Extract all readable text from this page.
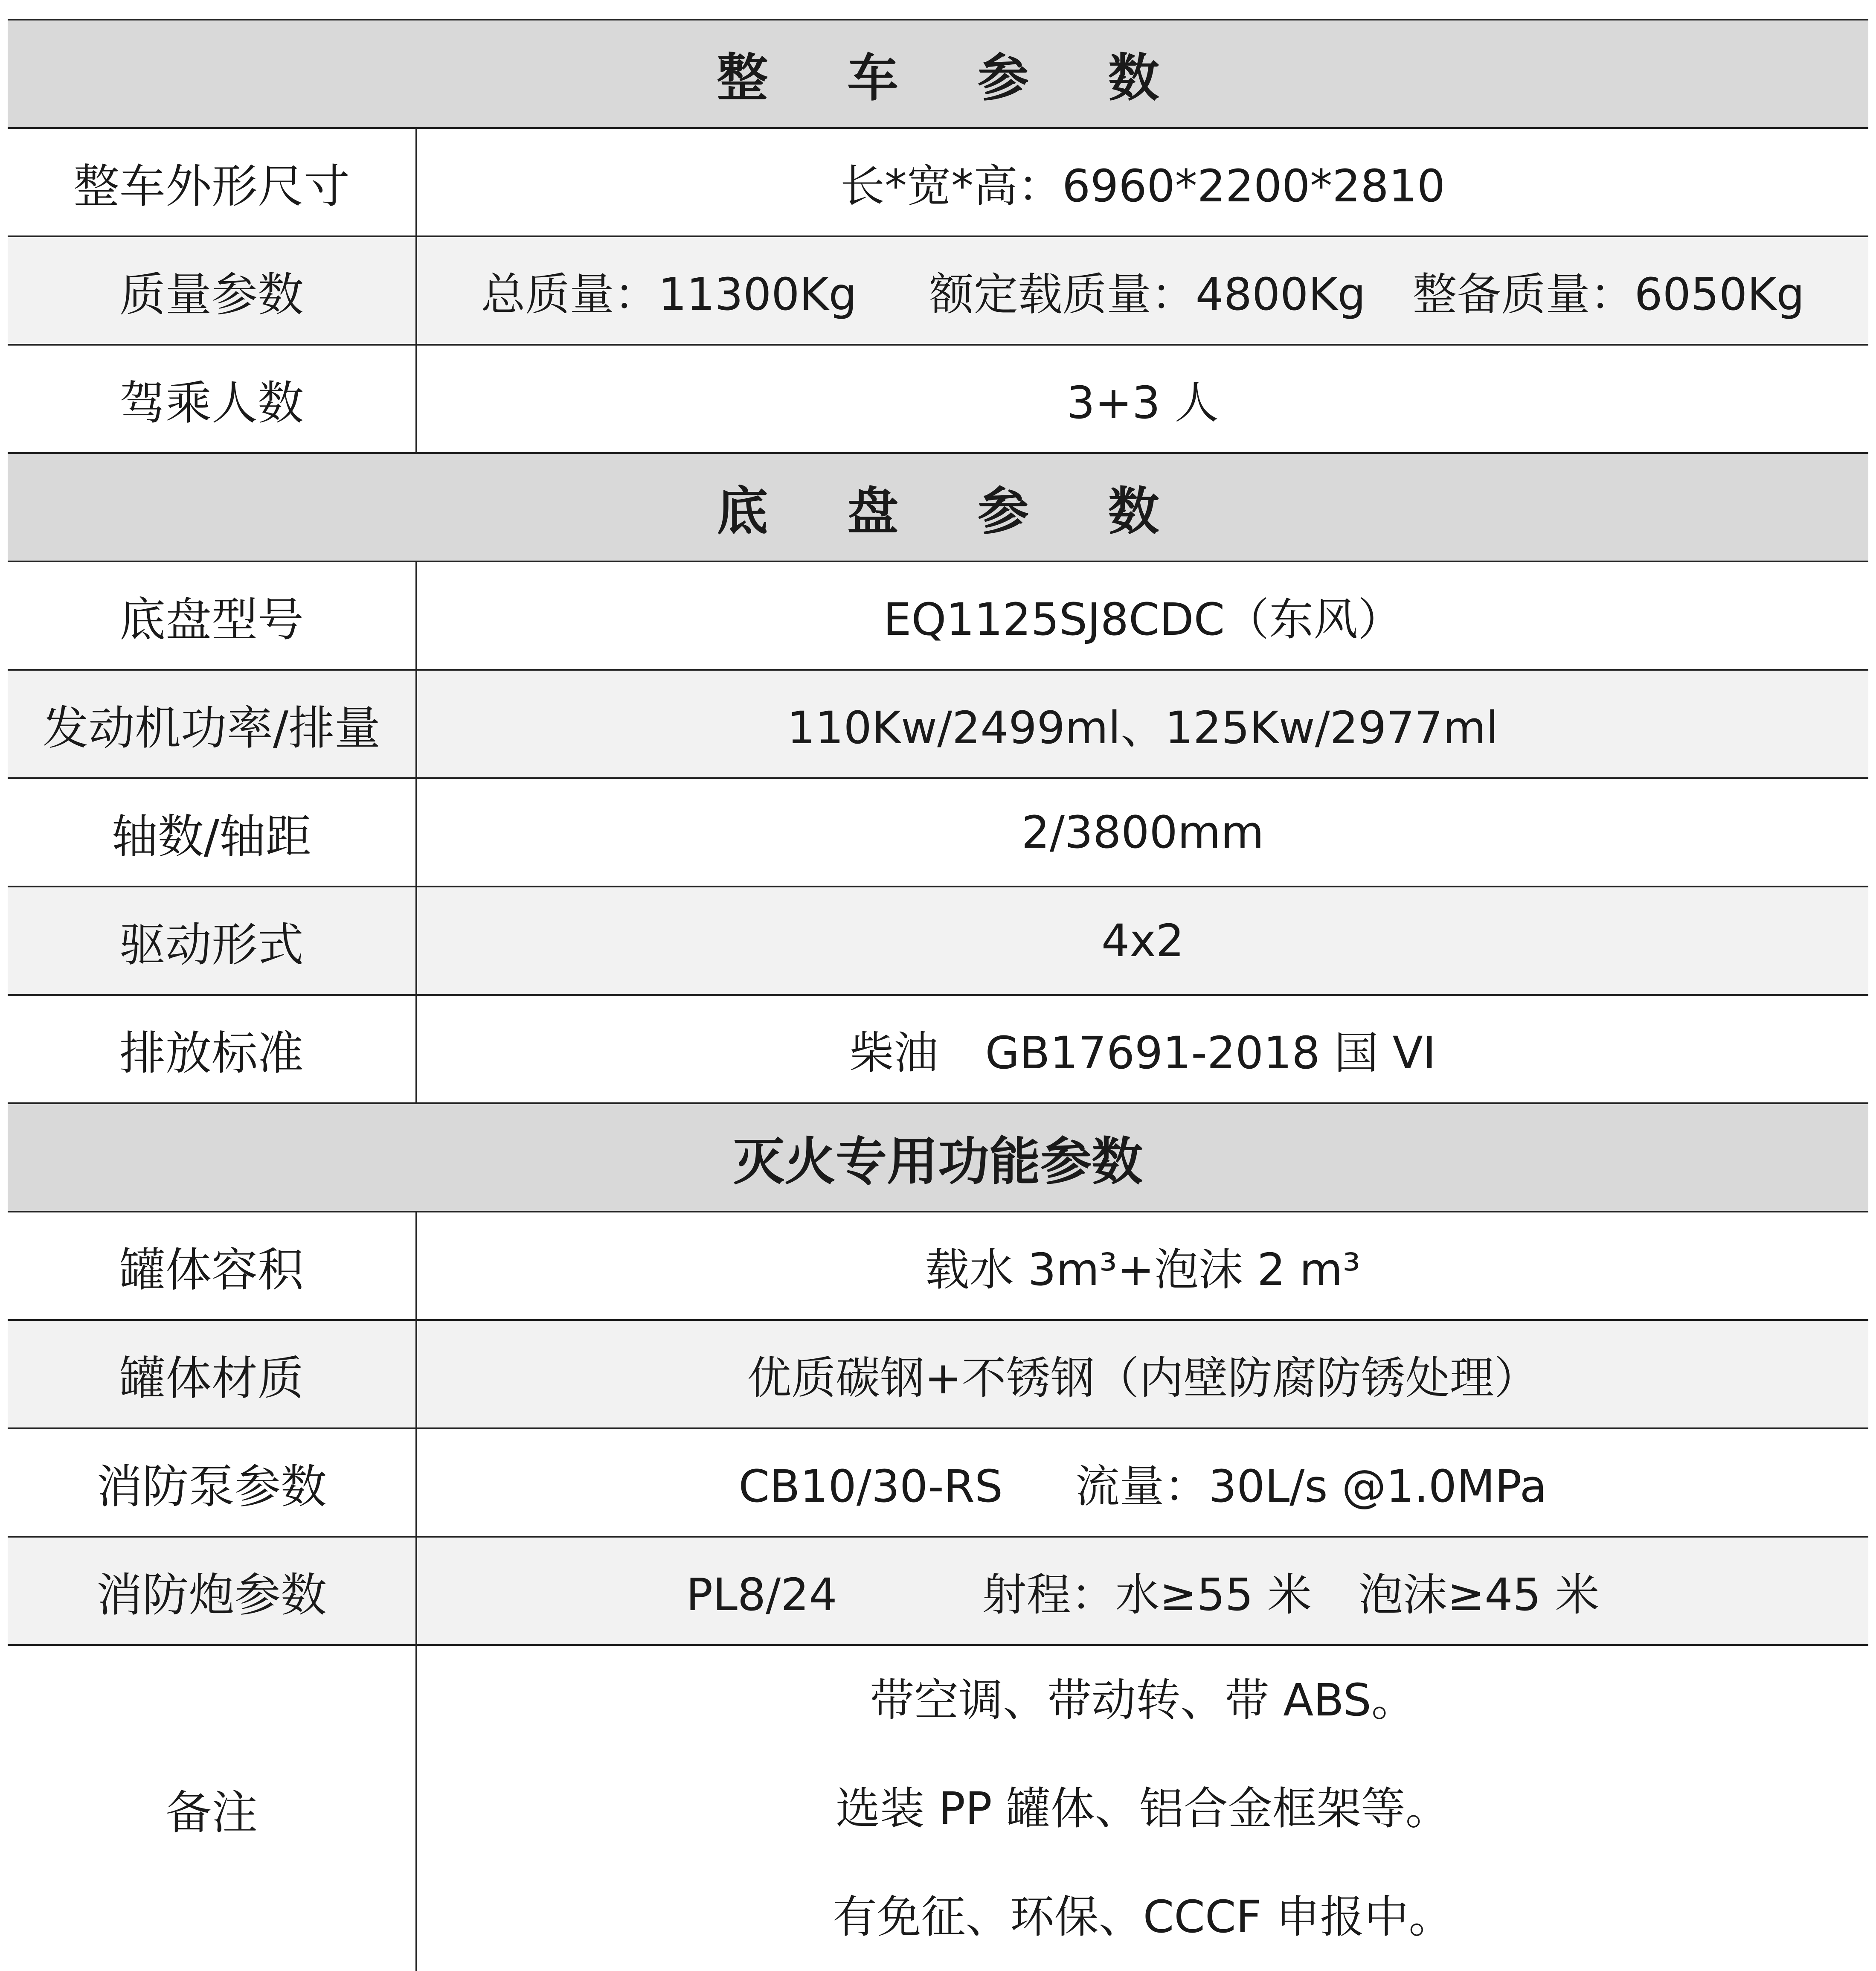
整 车 参 数	
整车外形尺寸	长*宽*高：6960*2200*2810
质量参数	总质量：11300Kg 额定载质量：4800Kg 整备质量：6050Kg
驾乘人数	3+3 人
底 盘 参 数	
底盘型号	EQ1125SJ8CDC（东风）
发动机功率/排量	110Kw/2499ml、125Kw/2977ml
轴数/轴距	2/3800mm
驱动形式	4x2
排放标准	柴油 GB17691-2018 国 VI
灭火专用功能参数	
罐体容积	载水 3m³+泡沫 2 m³
罐体材质	优质碳钢+不锈钢（内壁防腐防锈处理）
消防泵参数	CB10/30-RS 流量：30L/s @1.0MPa
消防炮参数	PL8/24 射程：水≥55 米 泡沫≥45 米
备注	带空调、带动转、带 ABS。
选装 PP 罐体、铝合金框架等。
有免征、环保、CCCF 申报中。
